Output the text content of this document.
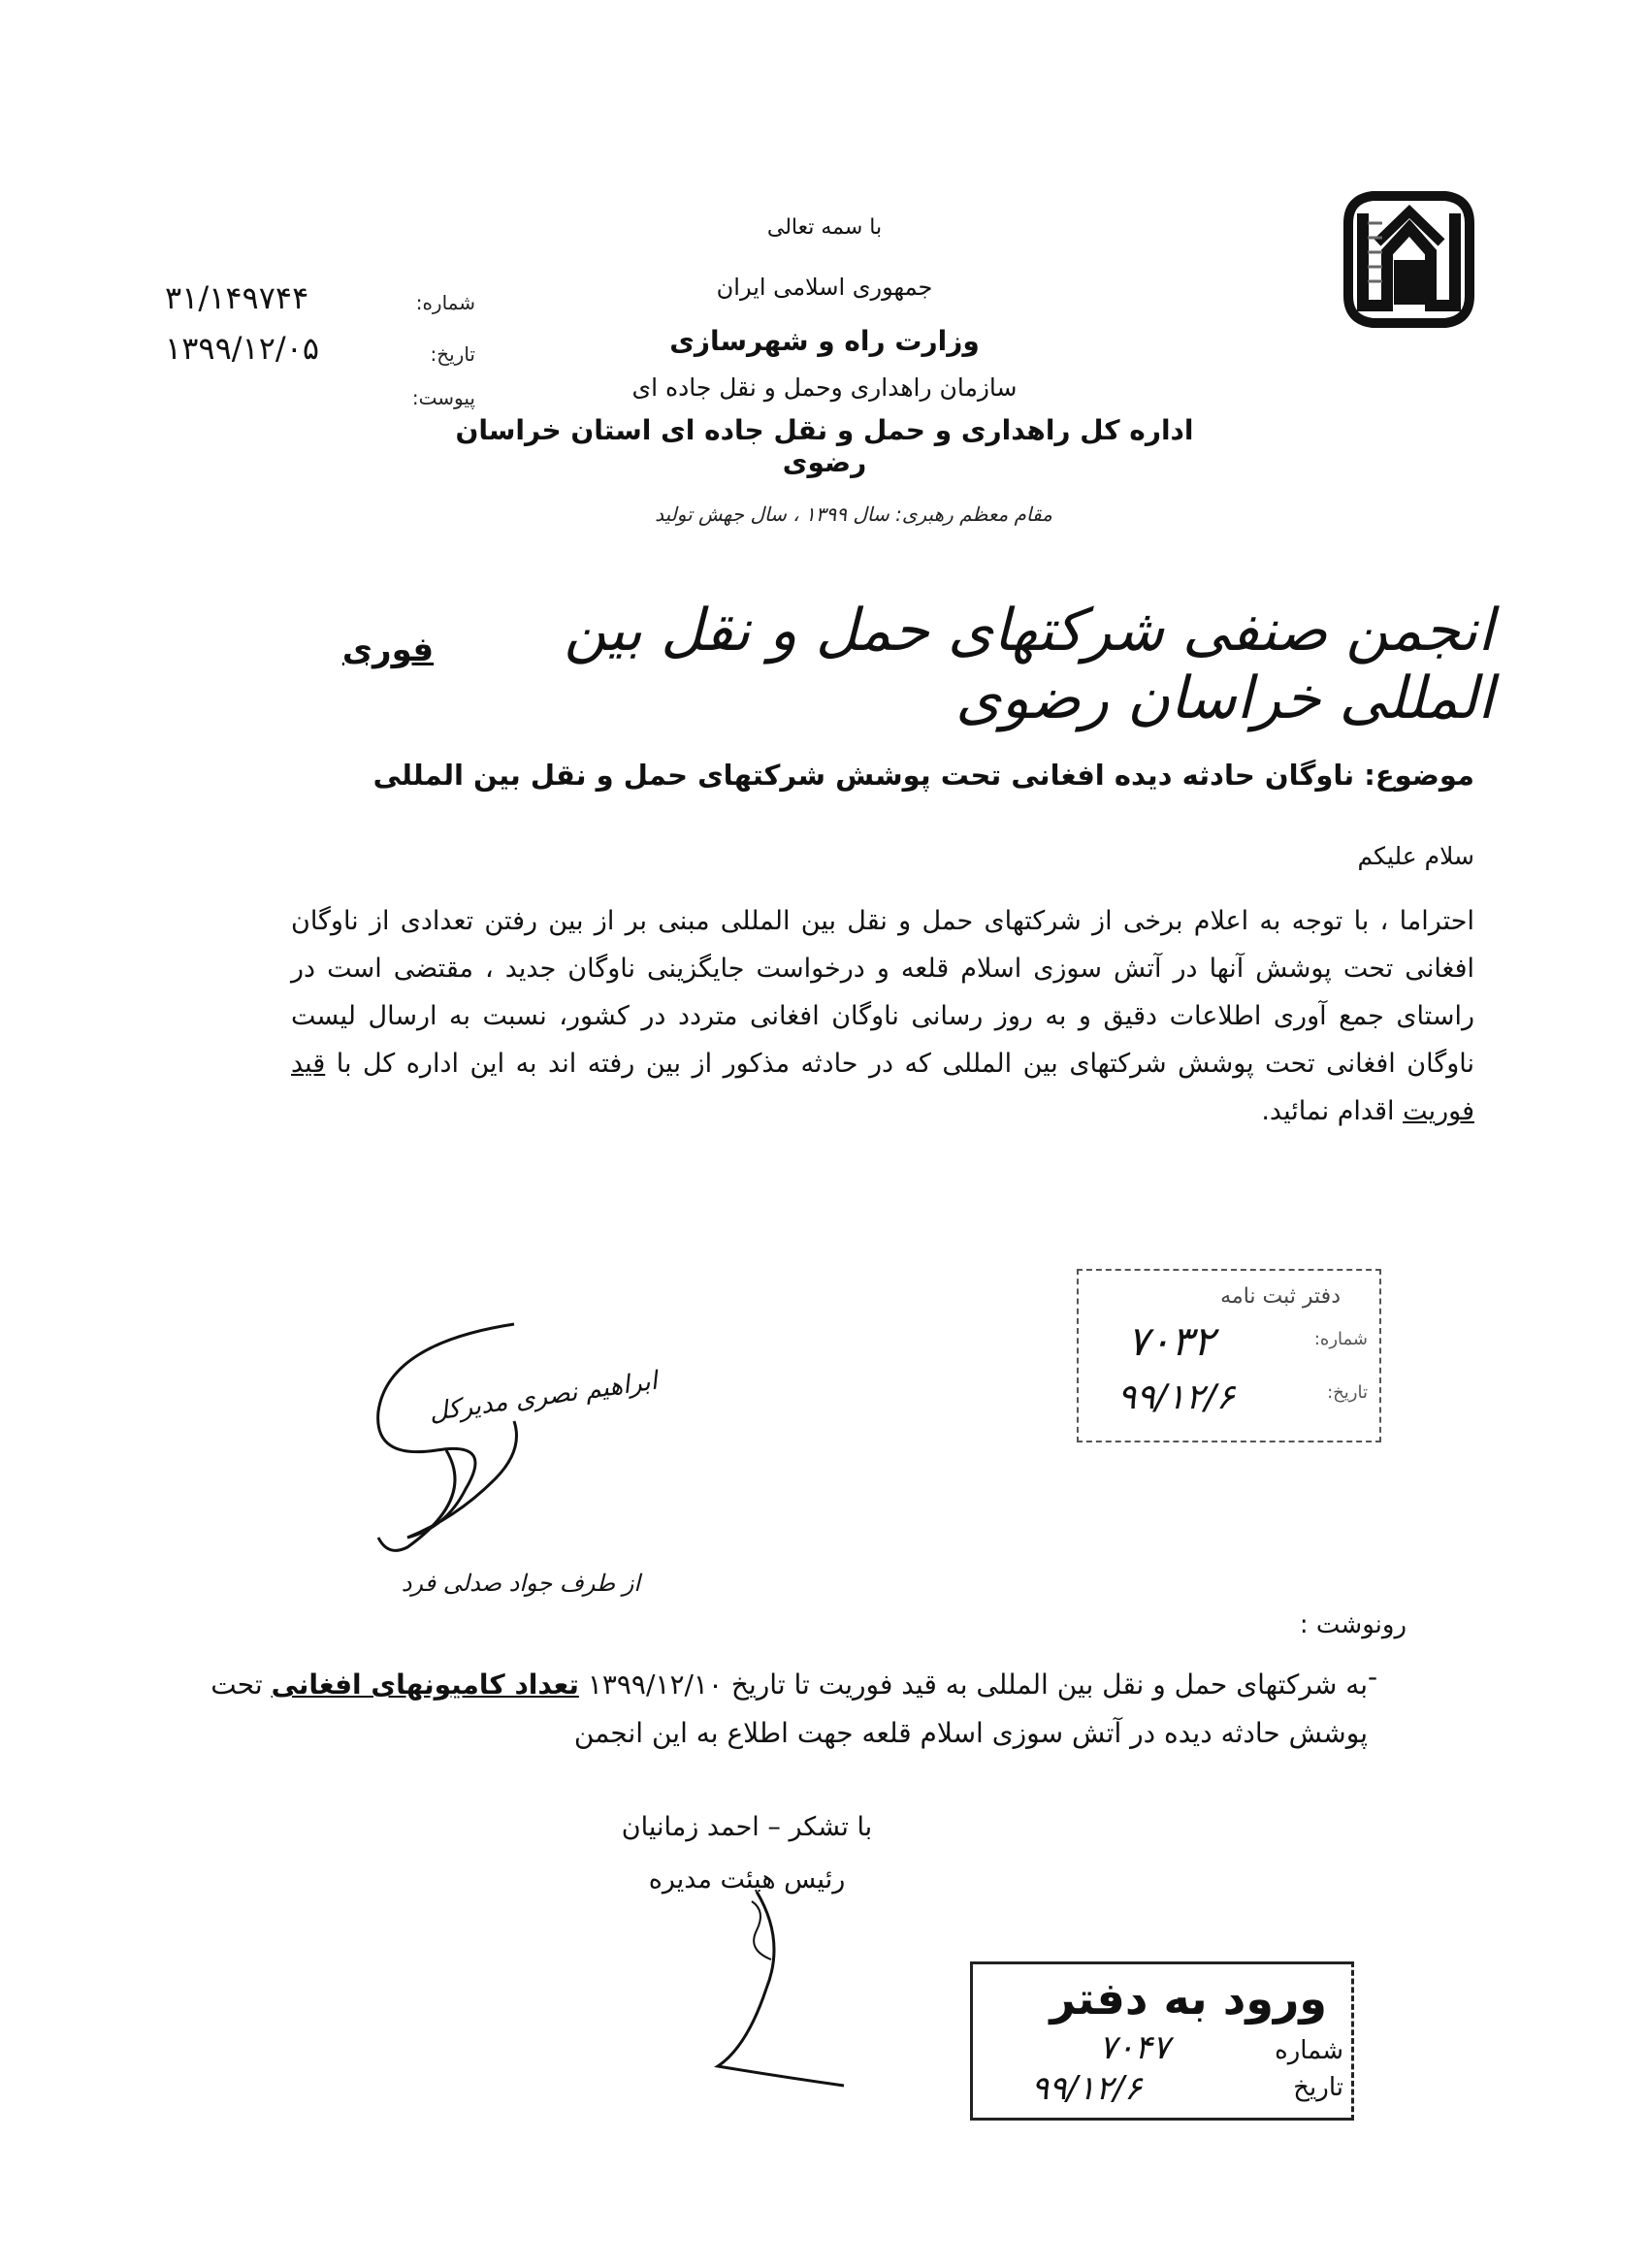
با سمه تعالی
جمهوری اسلامی ایران
وزارت راه و شهرسازی
سازمان راهداری وحمل و نقل جاده ای
اداره کل راهداری و حمل و نقل جاده ای استان خراسان رضوی
شماره:
۳۱/۱۴۹۷۴۴
تاریخ:
۱۳۹۹/۱۲/۰۵
پیوست:
مقام معظم رهبری: سال ۱۳۹۹ ، سال جهش تولید
انجمن صنفی شرکتهای حمل و نقل بین المللی خراسان رضوی
فوری
موضوع: ناوگان حادثه دیده افغانی تحت پوشش شرکتهای حمل و نقل بین المللی
سلام علیکم
احتراما ، با توجه به اعلام برخی از شرکتهای حمل و نقل بین المللی مبنی بر از بین رفتن تعدادی از ناوگان افغانی تحت پوشش آنها در آتش سوزی اسلام قلعه و درخواست جایگزینی ناوگان جدید ، مقتضی است در راستای جمع آوری اطلاعات دقیق و به روز رسانی ناوگان افغانی متردد در کشور، نسبت به ارسال لیست ناوگان افغانی تحت پوشش شرکتهای بین المللی که در حادثه مذکور از بین رفته اند به این اداره کل با قید فوریت اقدام نمائید.
دفتر ثبت نامه
شماره:
۷۰۳۲
تاریخ:
۹۹/۱۲/۶
ابراهیم نصری مدیرکل
از طرف جواد صدلی فرد
رونوشت :
-
به شرکتهای حمل و نقل بین المللی به قید فوریت تا تاریخ ۱۳۹۹/۱۲/۱۰ تعداد کامیونهای افغانی تحت پوشش حادثه دیده در آتش سوزی اسلام قلعه جهت اطلاع به این انجمن
با تشکر – احمد زمانیان
رئیس هیئت مدیره
ورود به دفتر
شماره
۷۰۴۷
تاریخ
۹۹/۱۲/۶
